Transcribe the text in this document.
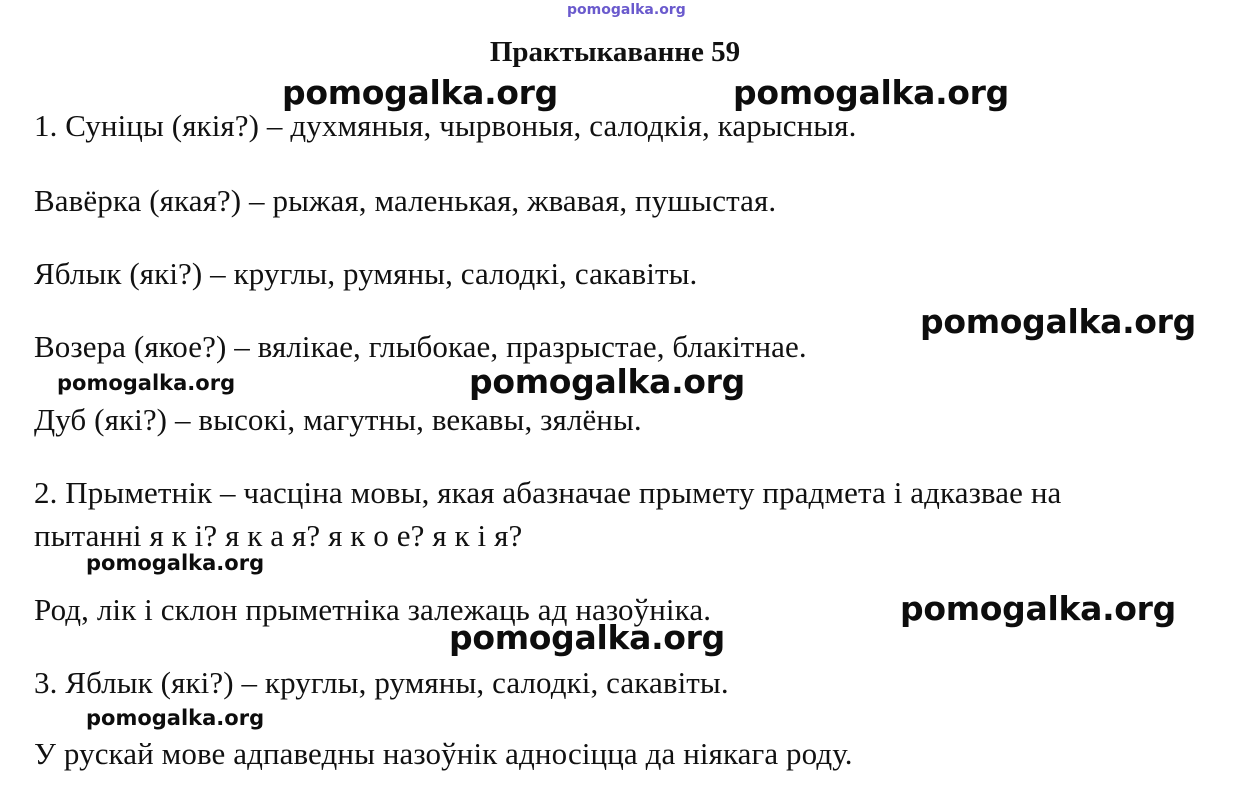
pomogalka.org
Практыкаванне 59
1. Суніцы (якія?) – духмяныя, чырвоныя, салодкія, карысныя.
Вавёрка (якая?) – рыжая, маленькая, жвавая, пушыстая.
Яблык (які?) – круглы, румяны, салодкі, сакавіты.
Возера (якое?) – вялікае, глыбокае, празрыстае, блакітнае.
Дуб (які?) – высокі, магутны, векавы, зялёны.
2. Прыметнік – часціна мовы, якая абазначае прымету прадмета і адказвае на
пытанні я к і? я к а я? я к о е? я к і я?
Род, лік і склон прыметніка залежаць ад назоўніка.
3. Яблык (які?) – круглы, румяны, салодкі, сакавіты.
У рускай мове адпаведны назоўнік адносіцца да ніякага роду.
pomogalka.org	pomogalka.org
pomogalka.org
pomogalka.org	pomogalka.org
pomogalka.org
pomogalka.org
pomogalka.org
pomogalka.org
